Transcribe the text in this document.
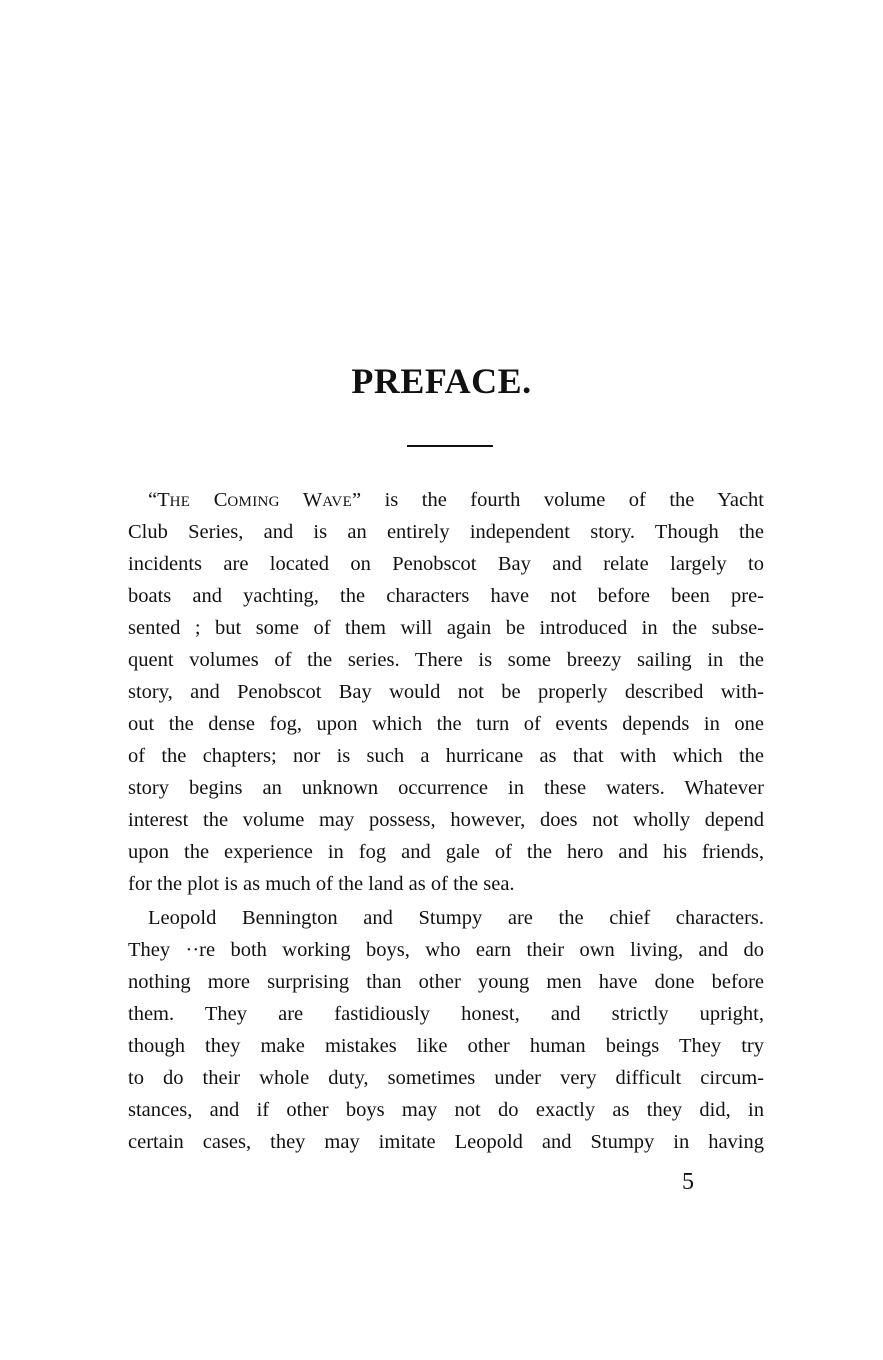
PREFACE.
“THE COMING WAVE” is the fourth volume of the Yacht
Club Series, and is an entirely independent story. Though the
incidents are located on Penobscot Bay and relate largely to
boats and yachting, the characters have not before been pre-
sented ; but some of them will again be introduced in the subse-
quent volumes of the series. There is some breezy sailing in the
story, and Penobscot Bay would not be properly described with-
out the dense fog, upon which the turn of events depends in one
of the chapters; nor is such a hurricane as that with which the
story begins an unknown occurrence in these waters. Whatever
interest the volume may possess, however, does not wholly depend
upon the experience in fog and gale of the hero and his friends,
for the plot is as much of the land as of the sea.
Leopold Bennington and Stumpy are the chief characters.
They ··re both working boys, who earn their own living, and do
nothing more surprising than other young men have done before
them. They are fastidiously honest, and strictly upright,
though they make mistakes like other human beings They try
to do their whole duty, sometimes under very difficult circum-
stances, and if other boys may not do exactly as they did, in
certain cases, they may imitate Leopold and Stumpy in having
5
